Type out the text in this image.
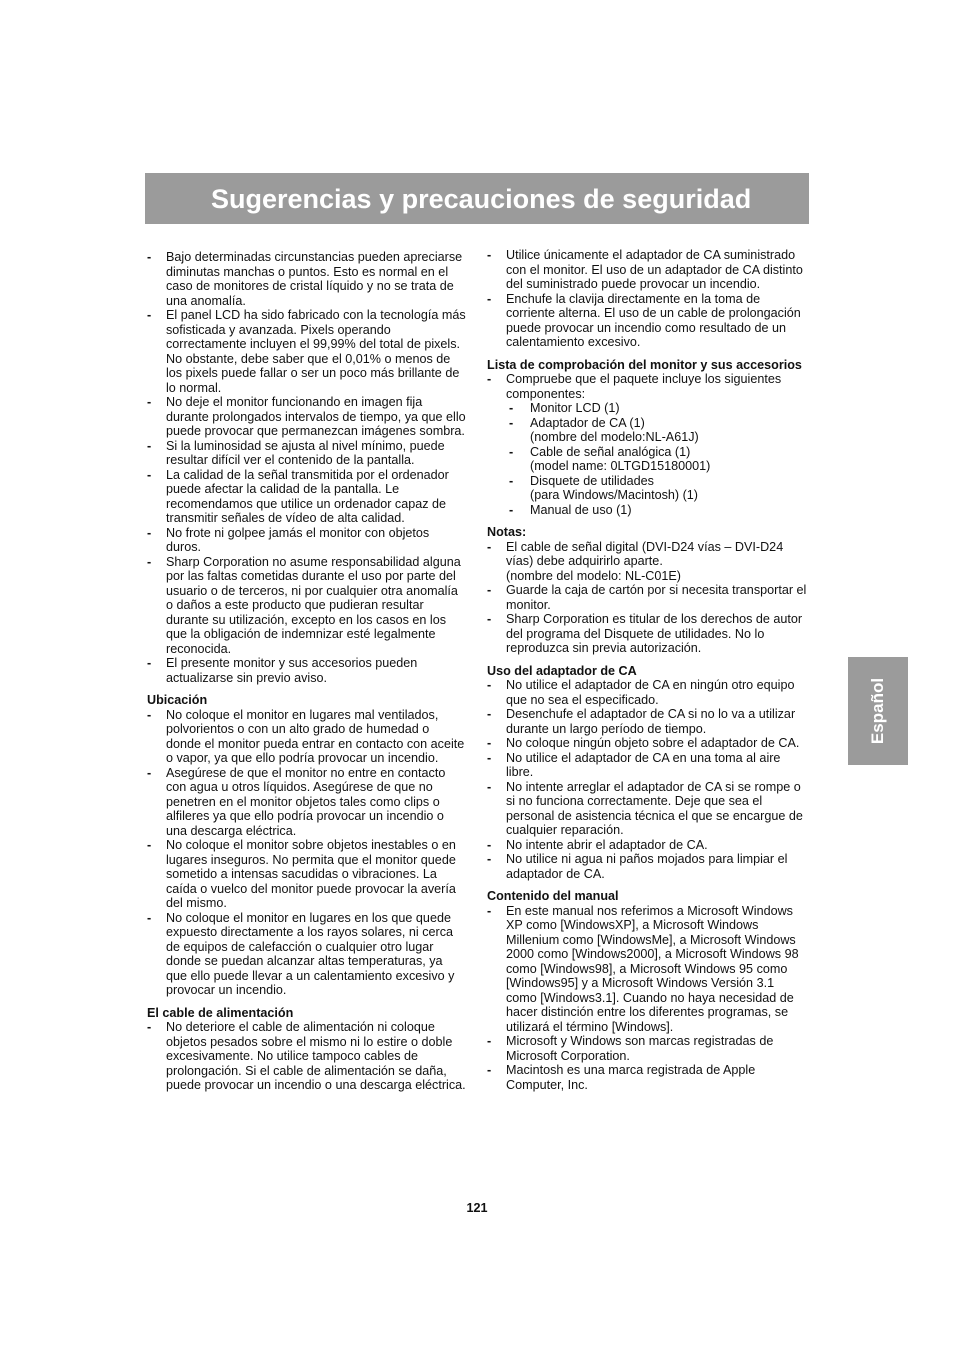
Sugerencias y precauciones de seguridad
Español
- Bajo determinadas circunstancias pueden apreciarse diminutas manchas o puntos. Esto es normal en el caso de monitores de cristal líquido y no se trata de una anomalía.
- El panel LCD ha sido fabricado con la tecnología más sofisticada y avanzada. Pixels operando correctamente incluyen el 99,99% del total de pixels. No obstante, debe saber que el 0,01% o menos de los pixels puede fallar o ser un poco más brillante de lo normal.
- No deje el monitor funcionando en imagen fija durante prolongados intervalos de tiempo, ya que ello puede provocar que permanezcan imágenes sombra.
- Si la luminosidad se ajusta al nivel mínimo, puede resultar difícil ver el contenido de la pantalla.
- La calidad de la señal transmitida por el ordenador puede afectar la calidad de la pantalla. Le recomendamos que utilice un ordenador capaz de transmitir señales de vídeo de alta calidad.
- No frote ni golpee jamás el monitor con objetos duros.
- Sharp Corporation no asume responsabilidad alguna por las faltas cometidas durante el uso por parte del usuario o de terceros, ni por cualquier otra anomalía o daños a este producto que pudieran resultar durante su utilización, excepto en los casos en los que la obligación de indemnizar esté legalmente reconocida.
- El presente monitor y sus accesorios pueden actualizarse sin previo aviso.
Ubicación
- No coloque el monitor en lugares mal ventilados, polvorientos o con un alto grado de humedad o donde el monitor pueda entrar en contacto con aceite o vapor, ya que ello podría provocar un incendio.
- Asegúrese de que el monitor no entre en contacto con agua u otros líquidos. Asegúrese de que no penetren en el monitor objetos tales como clips o alfileres ya que ello podría provocar un incendio o una descarga eléctrica.
- No coloque el monitor sobre objetos inestables o en lugares inseguros. No permita que el monitor quede sometido a intensas sacudidas o vibraciones. La caída o vuelco del monitor puede provocar la avería del mismo.
- No coloque el monitor en lugares en los que quede expuesto directamente a los rayos solares, ni cerca de equipos de calefacción o cualquier otro lugar donde se puedan alcanzar altas temperaturas, ya que ello puede llevar a un calentamiento excesivo y provocar un incendio.
El cable de alimentación
- No deteriore el cable de alimentación ni coloque objetos pesados sobre el mismo ni lo estire o doble excesivamente. No utilice tampoco cables de prolongación. Si el cable de alimentación se daña, puede provocar un incendio o una descarga eléctrica.
- Utilice únicamente el adaptador de CA suministrado con el monitor. El uso de un adaptador de CA distinto del suministrado puede provocar un incendio.
- Enchufe la clavija directamente en la toma de corriente alterna. El uso de un cable de prolongación puede provocar un incendio como resultado de un calentamiento excesivo.
Lista de comprobación del monitor y sus accesorios
- Compruebe que el paquete incluye los siguientes componentes:
- Monitor LCD (1)
- Adaptador de CA (1)
(nombre del modelo:NL-A61J)
- Cable de señal analógica (1)
(model name: 0LTGD15180001)
- Disquete de utilidades
(para Windows/Macintosh) (1)
- Manual de uso (1)
Notas:
- El cable de señal digital (DVI-D24 vías – DVI-D24 vías) debe adquirirlo aparte.
(nombre del modelo: NL-C01E)
- Guarde la caja de cartón por si necesita transportar el monitor.
- Sharp Corporation es titular de los derechos de autor del programa del Disquete de utilidades. No lo reproduzca sin previa autorización.
Uso del adaptador de CA
- No utilice el adaptador de CA en ningún otro equipo que no sea el especificado.
- Desenchufe el adaptador de CA si no lo va a utilizar durante un largo período de tiempo.
- No coloque ningún objeto sobre el adaptador de CA.
- No utilice el adaptador de CA en una toma al aire libre.
- No intente arreglar el adaptador de CA si se rompe o si no funciona correctamente. Deje que sea el personal de asistencia técnica el que se encargue de cualquier reparación.
- No intente abrir el adaptador de CA.
- No utilice ni agua ni paños mojados para limpiar el adaptador de CA.
Contenido del manual
- En este manual nos referimos a Microsoft Windows XP como [WindowsXP], a Microsoft Windows Millenium como [WindowsMe], a Microsoft Windows 2000 como [Windows2000], a Microsoft Windows 98 como [Windows98], a Microsoft Windows 95 como [Windows95] y a Microsoft Windows Versión 3.1 como [Windows3.1]. Cuando no haya necesidad de hacer distinción entre los diferentes programas, se utilizará el término [Windows].
- Microsoft y Windows son marcas registradas de Microsoft Corporation.
- Macintosh es una marca registrada de Apple Computer, Inc.
121
